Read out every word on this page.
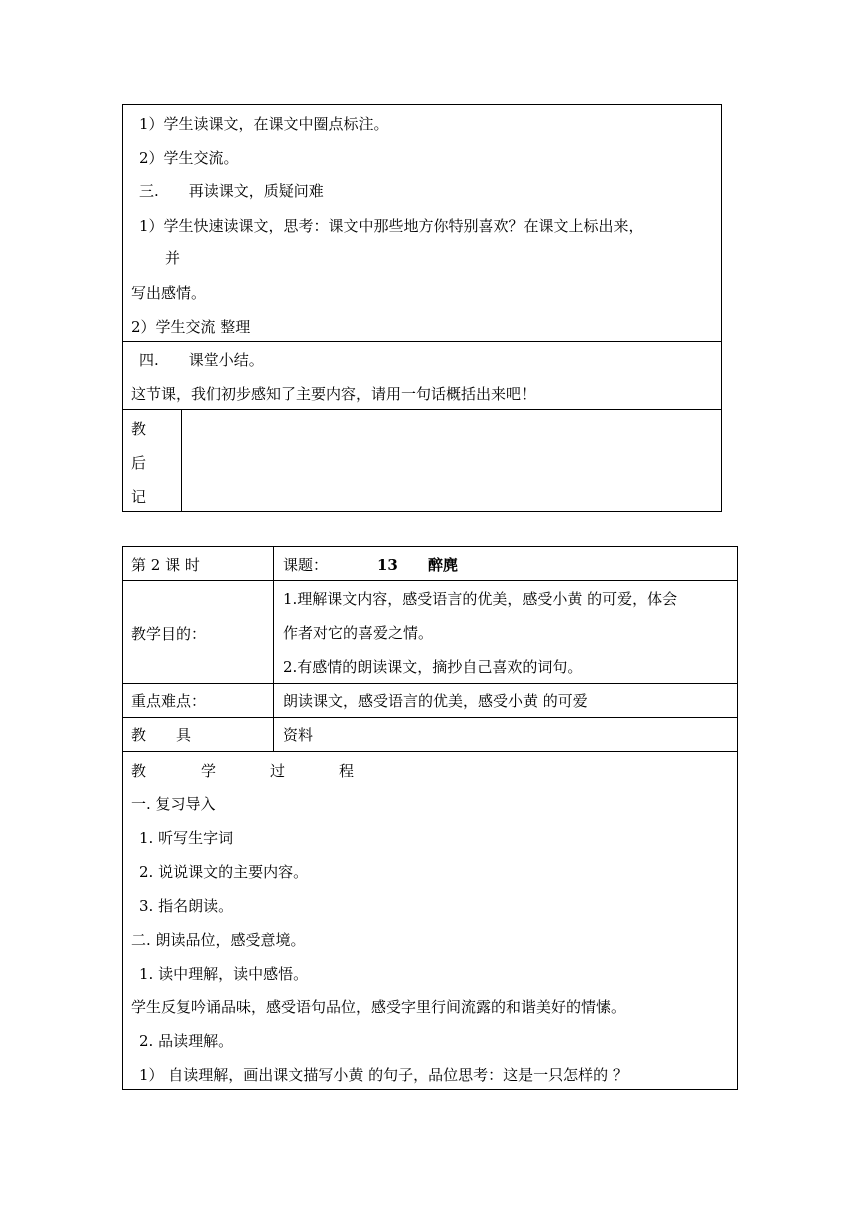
1）学生读课文，在课文中圈点标注。
2）学生交流。
三.　　再读课文，质疑问难
1）学生快速读课文，思考：课文中那些地方你特别喜欢？在课文上标出来，
并
写出感情。
2）学生交流 整理
四.　　课堂小结。
这节课，我们初步感知了主要内容，请用一句话概括出来吧！
教
后
记
第 2 课 时	课题：	13 醉麂
教学目的：
1.理解课文内容，感受语言的优美，感受小黄 的可爱，体会
作者对它的喜爱之情。
2.有感情的朗读课文，摘抄自己喜欢的词句。
重点难点：	朗读课文，感受语言的优美，感受小黄 的可爱
教　　具	资料
教	学	过	程
一. 复习导入
1. 听写生字词
2. 说说课文的主要内容。
3. 指名朗读。
二. 朗读品位，感受意境。
1. 读中理解，读中感悟。
学生反复吟诵品味，感受语句品位，感受字里行间流露的和谐美好的情愫。
2. 品读理解。
1） 自读理解，画出课文描写小黄 的句子，品位思考：这是一只怎样的 ？
